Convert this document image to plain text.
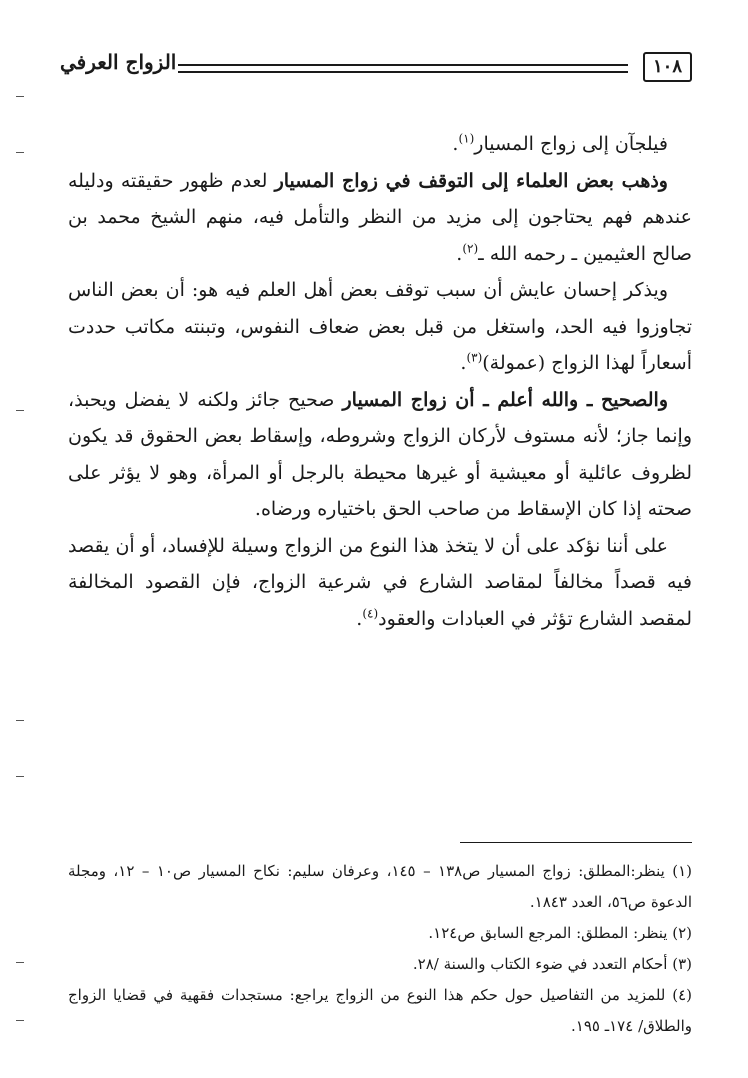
الزواج العرفي	١٠٨

فيلجآن إلى زواج المسيار$^{(١)}$.

وذهب بعض العلماء إلى التوقف في زواج المسيار لعدم ظهور حقيقته ودليله عندهم فهم يحتاجون إلى مزيد من النظر والتأمل فيه، منهم الشيخ محمد بن صالح العثيمين ـ رحمه الله ـ$^{(٢)}$.

ويذكر إحسان عايش أن سبب توقف بعض أهل العلم فيه هو: أن بعض الناس تجاوزوا فيه الحد، واستغل من قبل بعض ضعاف النفوس، وتبنته مكاتب حددت أسعاراً لهذا الزواج (عمولة)$^{(٣)}$.

والصحيح ـ والله أعلم ـ أن زواج المسيار صحيح جائز ولكنه لا يفضل ويحبذ، وإنما جاز؛ لأنه مستوف لأركان الزواج وشروطه، وإسقاط بعض الحقوق قد يكون لظروف عائلية أو معيشية أو غيرها محيطة بالرجل أو المرأة، وهو لا يؤثر على صحته إذا كان الإسقاط من صاحب الحق باختياره ورضاه.

على أننا نؤكد على أن لا يتخذ هذا النوع من الزواج وسيلة للإفساد، أو أن يقصد فيه قصداً مخالفاً لمقاصد الشارع في شرعية الزواج، فإن القصود المخالفة لمقصد الشارع تؤثر في العبادات والعقود$^{(٤)}$.

(١) ينظر:المطلق: زواج المسيار ص١٣٨ – ١٤٥، وعرفان سليم: نكاح المسيار ص١٠ – ١٢، ومجلة الدعوة ص٥٦، العدد ١٨٤٣.

(٢) ينظر: المطلق: المرجع السابق ص١٢٤.

(٣) أحكام التعدد في ضوء الكتاب والسنة /٢٨.

(٤) للمزيد من التفاصيل حول حكم هذا النوع من الزواج يراجع: مستجدات فقهية في قضايا الزواج والطلاق/ ١٧٤ـ ١٩٥.
